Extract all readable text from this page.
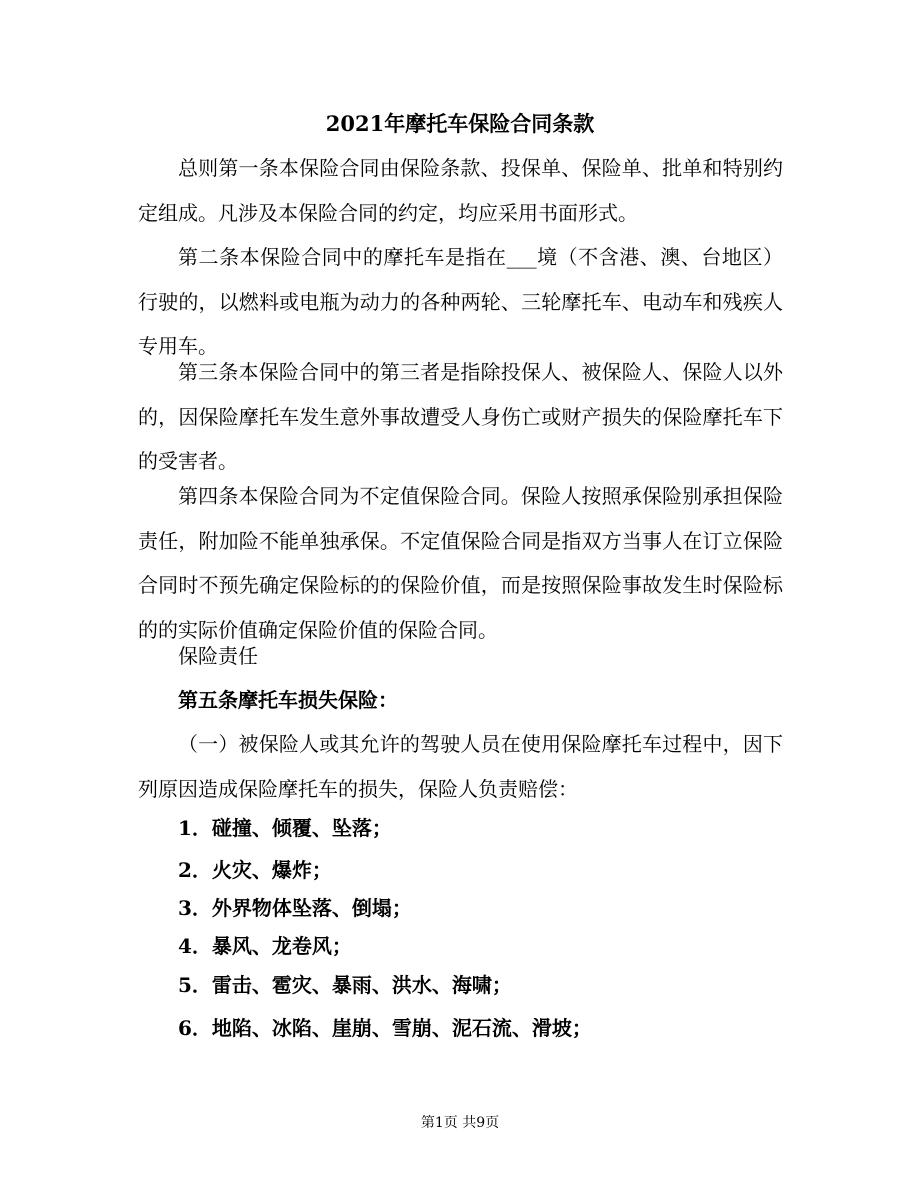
2021年摩托车保险合同条款

总则第一条本保险合同由保险条款、投保单、保险单、批单和特别约定组成。凡涉及本保险合同的约定，均应采用书面形式。

第二条本保险合同中的摩托车是指在___境（不含港、澳、台地区）行驶的，以燃料或电瓶为动力的各种两轮、三轮摩托车、电动车和残疾人专用车。

第三条本保险合同中的第三者是指除投保人、被保险人、保险人以外的，因保险摩托车发生意外事故遭受人身伤亡或财产损失的保险摩托车下的受害者。

第四条本保险合同为不定值保险合同。保险人按照承保险别承担保险责任，附加险不能单独承保。不定值保险合同是指双方当事人在订立保险合同时不预先确定保险标的的保险价值，而是按照保险事故发生时保险标的的实际价值确定保险价值的保险合同。

保险责任

第五条摩托车损失保险：

（一）被保险人或其允许的驾驶人员在使用保险摩托车过程中，因下列原因造成保险摩托车的损失，保险人负责赔偿：

1．碰撞、倾覆、坠落；

2．火灾、爆炸；

3．外界物体坠落、倒塌；

4．暴风、龙卷风；

5．雷击、雹灾、暴雨、洪水、海啸；

6．地陷、冰陷、崖崩、雪崩、泥石流、滑坡；

第1页 共9页
